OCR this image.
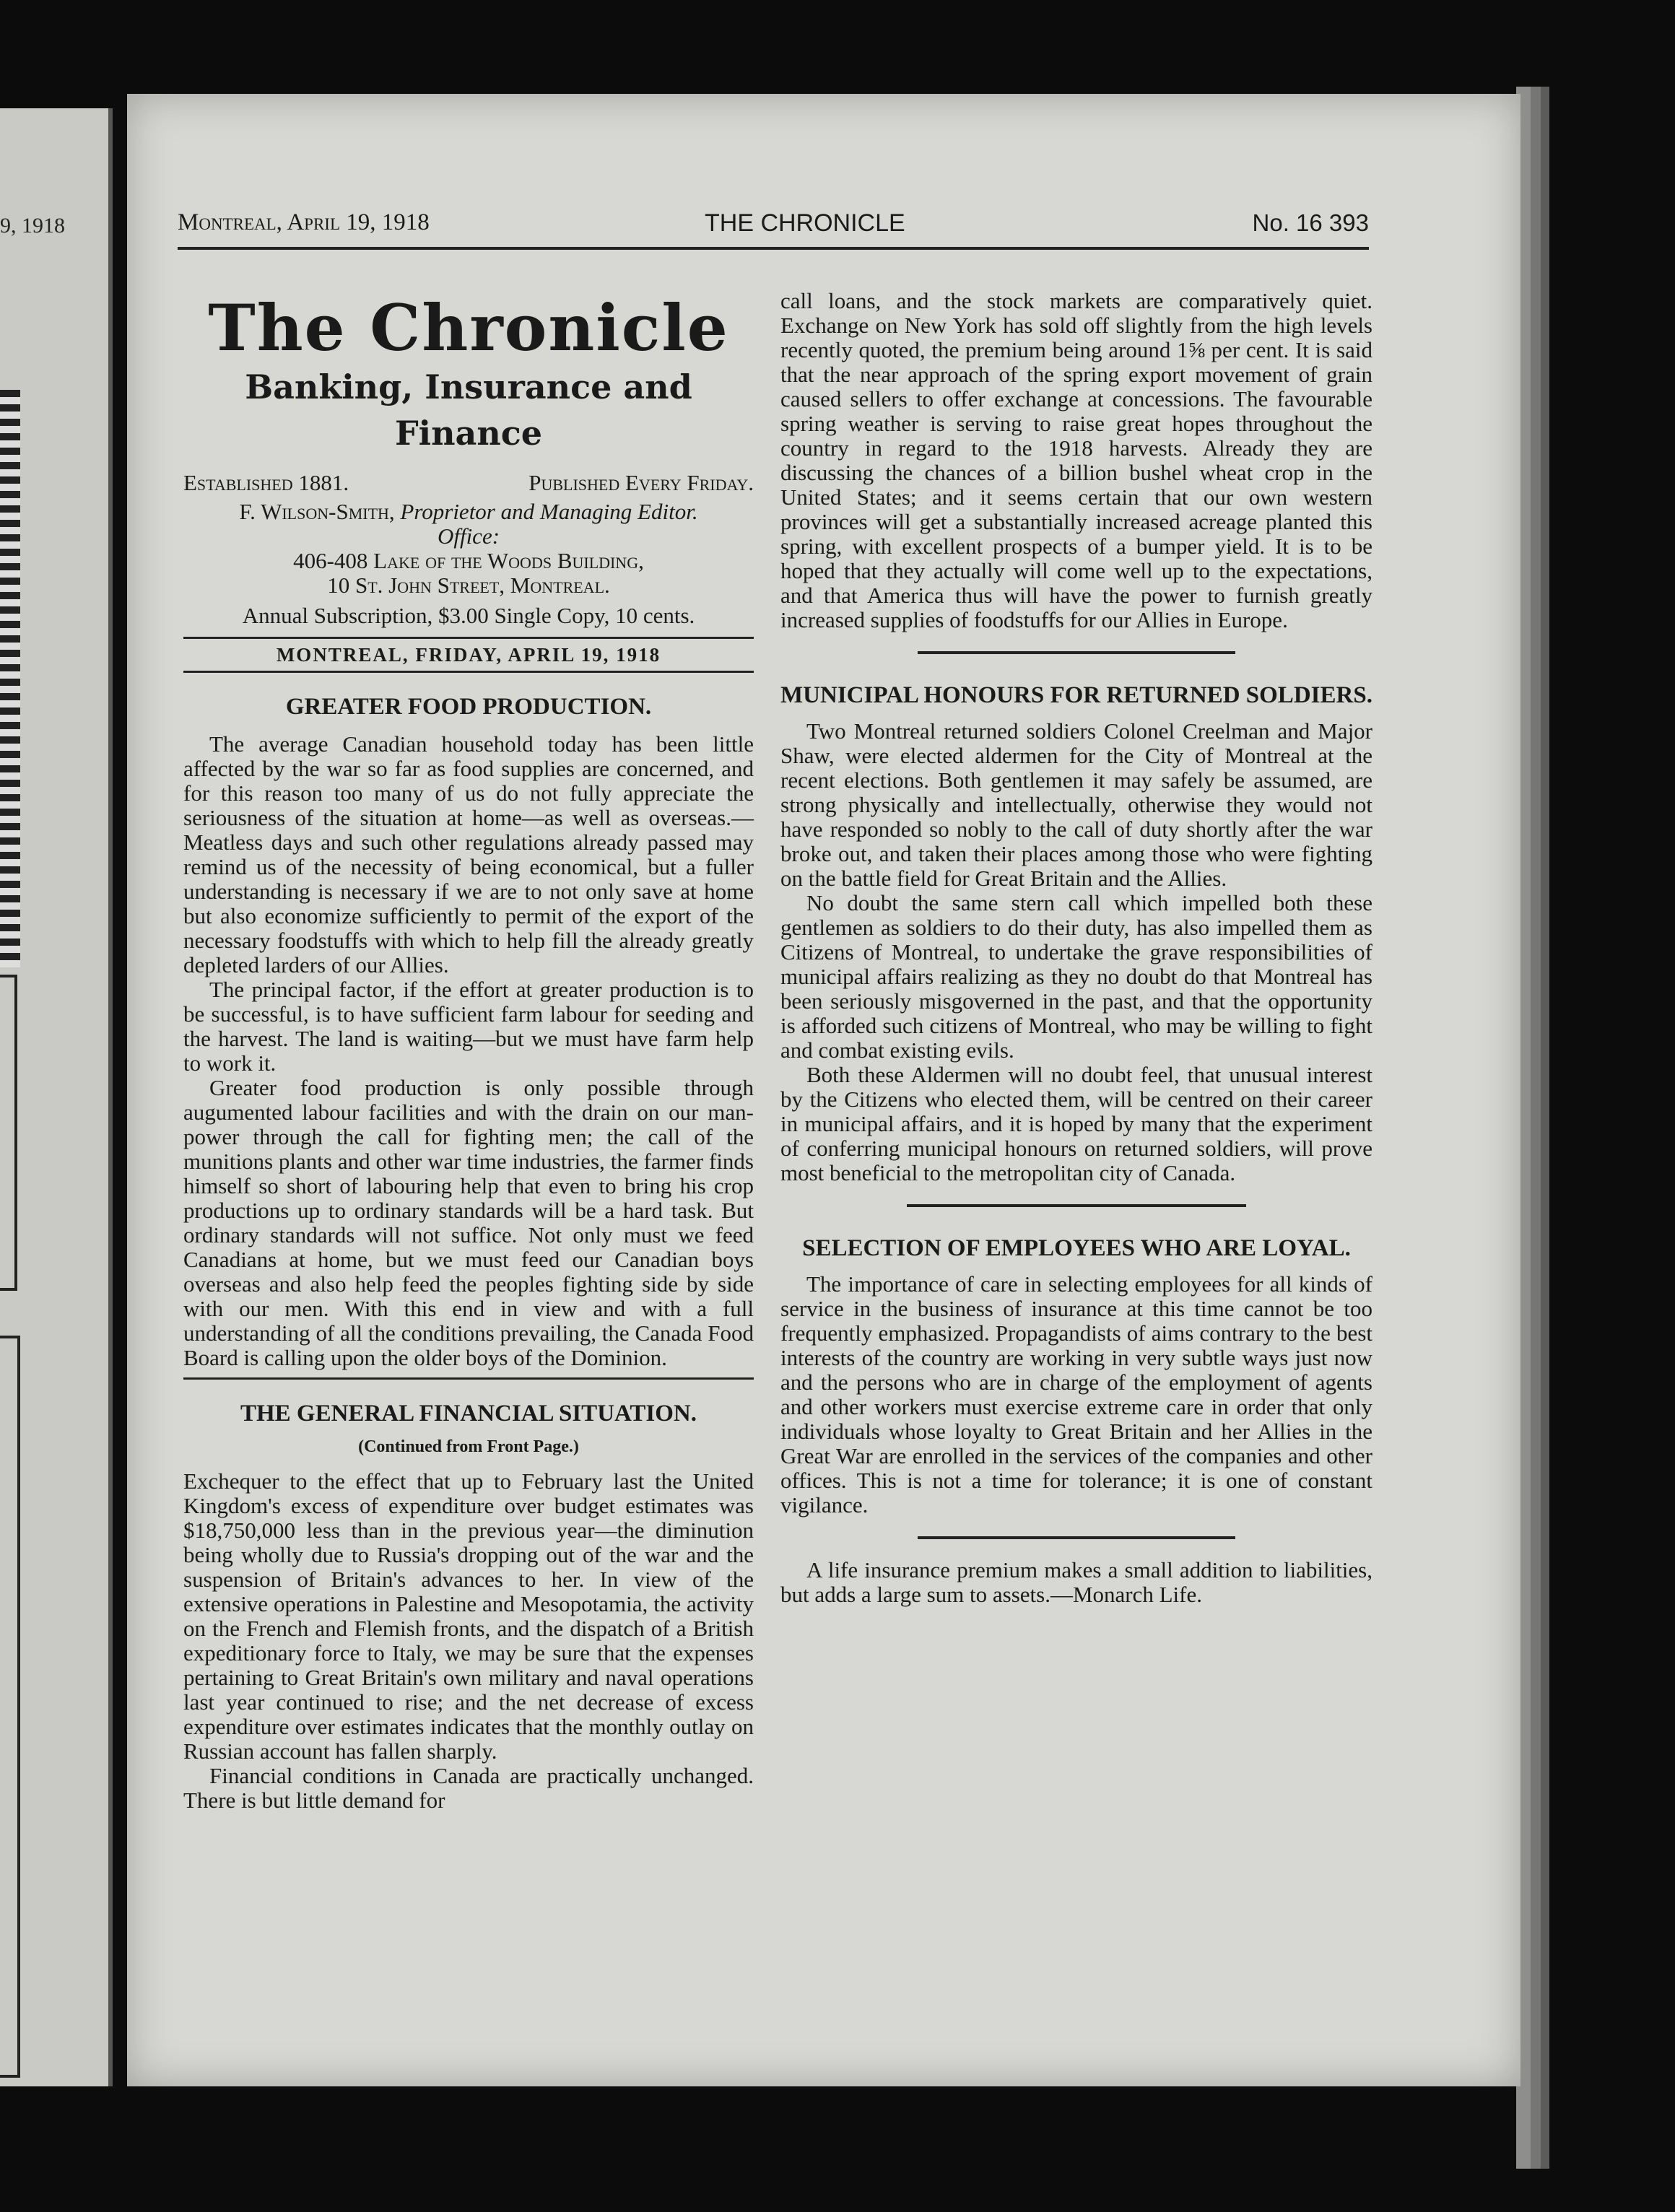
9, 1918	Montreal, April 19, 1918	THE CHRONICLE	No. 16 393
The Chronicle
Banking, Insurance and Finance
Established 1881.	Published Every Friday.
F. Wilson-Smith, Proprietor and Managing Editor.
Office:
406-408 Lake of the Woods Building,
10 St. John Street, Montreal.
Annual Subscription, $3.00 Single Copy, 10 cents.
MONTREAL, FRIDAY, APRIL 19, 1918
GREATER FOOD PRODUCTION.

The average Canadian household today has been little affected by the war so far as food supplies are concerned, and for this reason too many of us do not fully appreciate the seriousness of the situation at home—as well as overseas.—Meatless days and such other regulations already passed may remind us of the necessity of being economical, but a fuller understanding is necessary if we are to not only save at home but also economize sufficiently to permit of the export of the necessary foodstuffs with which to help fill the already greatly depleted larders of our Allies.

The principal factor, if the effort at greater production is to be successful, is to have sufficient farm labour for seeding and the harvest. The land is waiting—but we must have farm help to work it.

Greater food production is only possible through augumented labour facilities and with the drain on our man-power through the call for fighting men; the call of the munitions plants and other war time industries, the farmer finds himself so short of labouring help that even to bring his crop productions up to ordinary standards will be a hard task. But ordinary standards will not suffice. Not only must we feed Canadians at home, but we must feed our Canadian boys overseas and also help feed the peoples fighting side by side with our men. With this end in view and with a full understanding of all the conditions prevailing, the Canada Food Board is calling upon the older boys of the Dominion.

THE GENERAL FINANCIAL SITUATION.
(Continued from Front Page.)

Exchequer to the effect that up to February last the United Kingdom's excess of expenditure over budget estimates was $18,750,000 less than in the previous year—the diminution being wholly due to Russia's dropping out of the war and the suspension of Britain's advances to her. In view of the extensive operations in Palestine and Mesopotamia, the activity on the French and Flemish fronts, and the dispatch of a British expeditionary force to Italy, we may be sure that the expenses pertaining to Great Britain's own military and naval operations last year continued to rise; and the net decrease of excess expenditure over estimates indicates that the monthly outlay on Russian account has fallen sharply.

Financial conditions in Canada are practically unchanged. There is but little demand for

call loans, and the stock markets are comparatively quiet. Exchange on New York has sold off slightly from the high levels recently quoted, the premium being around 1⅝ per cent. It is said that the near approach of the spring export movement of grain caused sellers to offer exchange at concessions. The favourable spring weather is serving to raise great hopes throughout the country in regard to the 1918 harvests. Already they are discussing the chances of a billion bushel wheat crop in the United States; and it seems certain that our own western provinces will get a substantially increased acreage planted this spring, with excellent prospects of a bumper yield. It is to be hoped that they actually will come well up to the expectations, and that America thus will have the power to furnish greatly increased supplies of foodstuffs for our Allies in Europe.

MUNICIPAL HONOURS FOR RETURNED SOLDIERS.

Two Montreal returned soldiers Colonel Creelman and Major Shaw, were elected aldermen for the City of Montreal at the recent elections. Both gentlemen it may safely be assumed, are strong physically and intellectually, otherwise they would not have responded so nobly to the call of duty shortly after the war broke out, and taken their places among those who were fighting on the battle field for Great Britain and the Allies.

No doubt the same stern call which impelled both these gentlemen as soldiers to do their duty, has also impelled them as Citizens of Montreal, to undertake the grave responsibilities of municipal affairs realizing as they no doubt do that Montreal has been seriously misgoverned in the past, and that the opportunity is afforded such citizens of Montreal, who may be willing to fight and combat existing evils.

Both these Aldermen will no doubt feel, that unusual interest by the Citizens who elected them, will be centred on their career in municipal affairs, and it is hoped by many that the experiment of conferring municipal honours on returned soldiers, will prove most beneficial to the metropolitan city of Canada.

SELECTION OF EMPLOYEES WHO ARE LOYAL.

The importance of care in selecting employees for all kinds of service in the business of insurance at this time cannot be too frequently emphasized. Propagandists of aims contrary to the best interests of the country are working in very subtle ways just now and the persons who are in charge of the employment of agents and other workers must exercise extreme care in order that only individuals whose loyalty to Great Britain and her Allies in the Great War are enrolled in the services of the companies and other offices. This is not a time for tolerance; it is one of constant vigilance.

A life insurance premium makes a small addition to liabilities, but adds a large sum to assets.—Monarch Life.
